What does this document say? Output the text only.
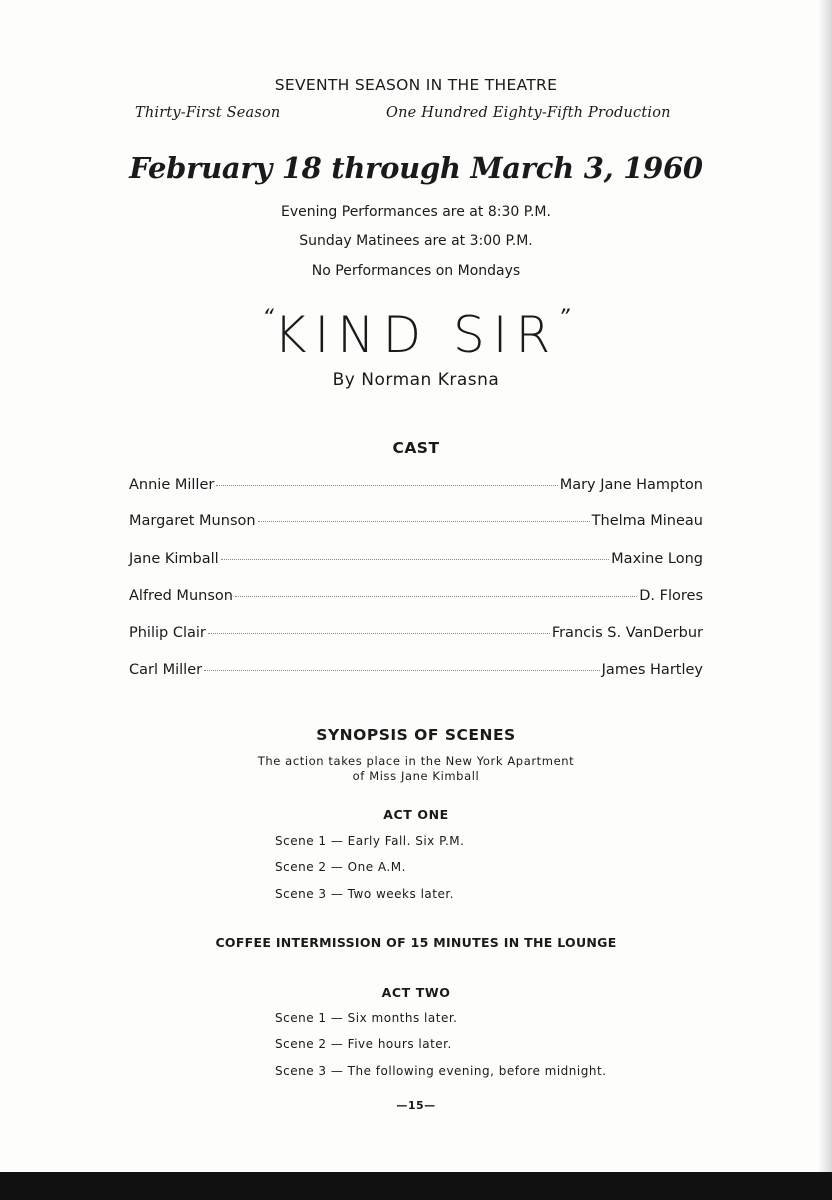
SEVENTH SEASON IN THE THEATRE
Thirty-First Season	One Hundred Eighty-Fifth Production
February 18 through March 3, 1960
Evening Performances are at 8:30 P.M.
Sunday Matinees are at 3:00 P.M.
No Performances on Mondays
“KIND SIR”
By Norman Krasna
CAST
Annie Miller	Mary Jane Hampton
Margaret Munson	Thelma Mineau
Jane Kimball	Maxine Long
Alfred Munson	D. Flores
Philip Clair	Francis S. VanDerbur
Carl Miller	James Hartley
SYNOPSIS OF SCENES
The action takes place in the New York Apartment
of Miss Jane Kimball
ACT ONE
Scene 1 — Early Fall. Six P.M.
Scene 2 — One A.M.
Scene 3 — Two weeks later.
COFFEE INTERMISSION OF 15 MINUTES IN THE LOUNGE
ACT TWO
Scene 1 — Six months later.
Scene 2 — Five hours later.
Scene 3 — The following evening, before midnight.
—15—
